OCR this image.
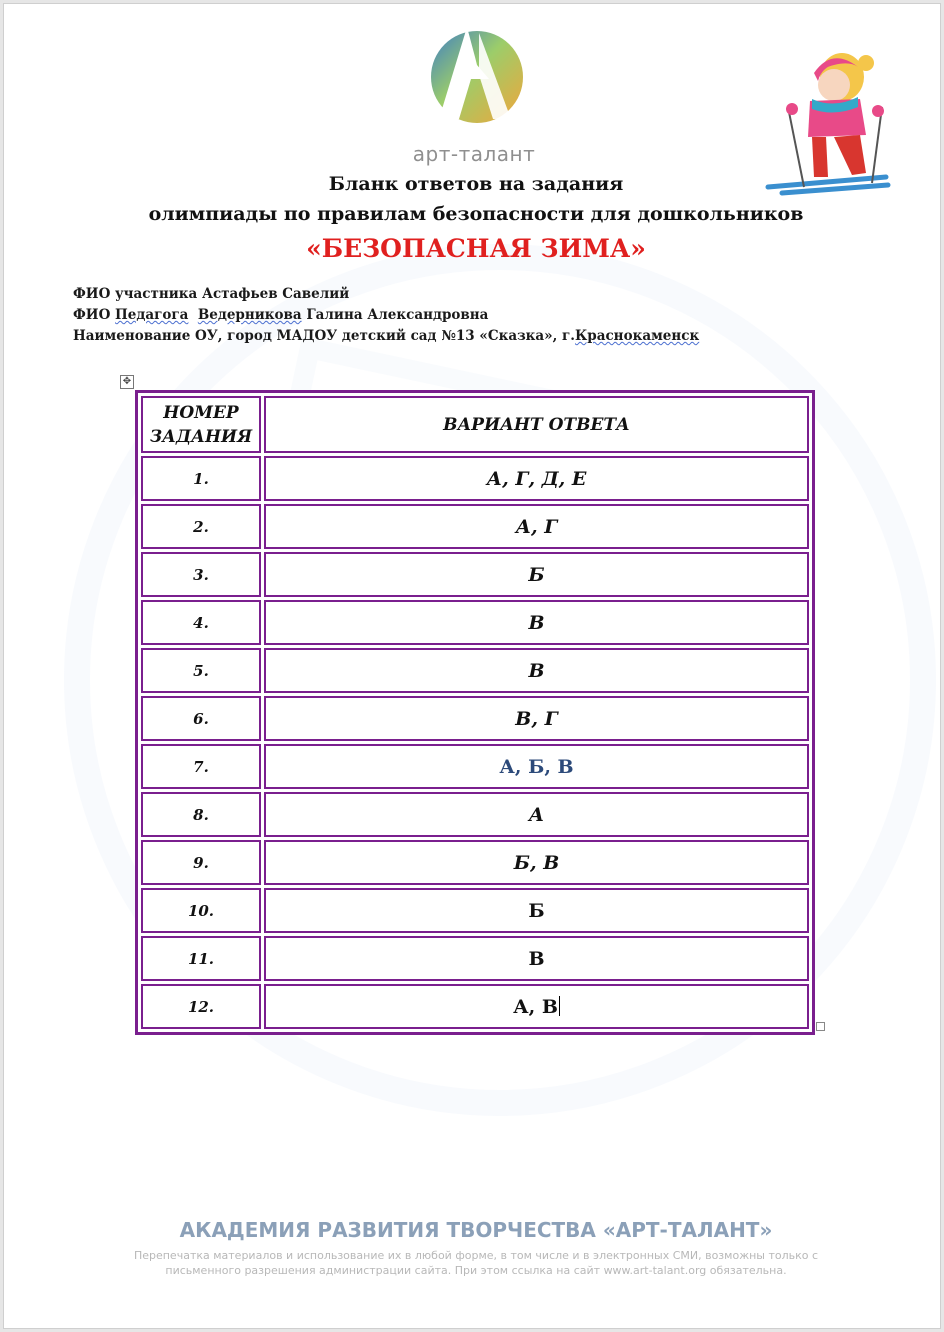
арт-талант
Бланк ответов на задания
олимпиады по правилам безопасности для дошкольников
«БЕЗОПАСНАЯ ЗИМА»
ФИО участника Астафьев Савелий
ФИО Педагога Ведерникова Галина Александровна
Наименование ОУ, город МАДОУ детский сад №13 «Сказка», г.Краснокаменск
✥
НОМЕР ЗАДАНИЯ	ВАРИАНТ ОТВЕТА
1.	А, Г, Д, Е
2.	А, Г
3.	Б
4.	В
5.	В
6.	В, Г
7.	А, Б, В
8.	А
9.	Б, В
10.	Б
11.	В
12.	А, В
АКАДЕМИЯ РАЗВИТИЯ ТВОРЧЕСТВА «АРТ-ТАЛАНТ»
Перепечатка материалов и использование их в любой форме, в том числе и в электронных СМИ, возможны только с
письменного разрешения администрации сайта. При этом ссылка на сайт www.art-talant.org обязательна.
